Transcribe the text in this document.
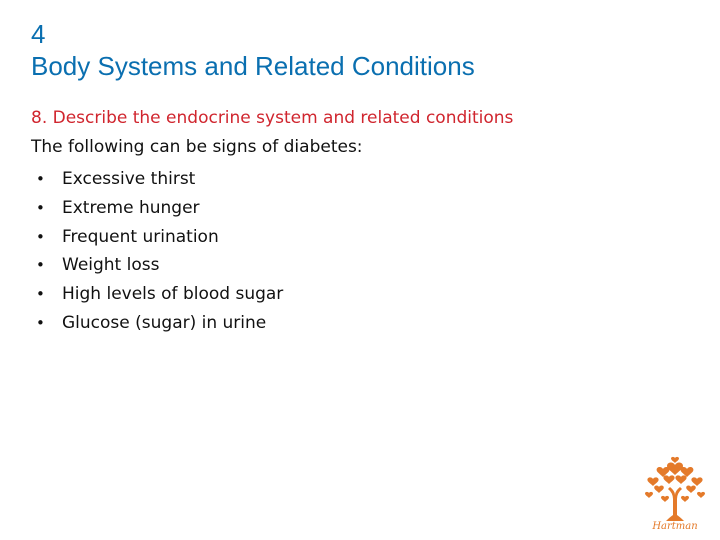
4
Body Systems and Related Conditions

8. Describe the endocrine system and related conditions

The following can be signs of diabetes:

•	Excessive thirst
•	Extreme hunger
•	Frequent urination
•	Weight loss
•	High levels of blood sugar
•	Glucose (sugar) in urine
Hartman
